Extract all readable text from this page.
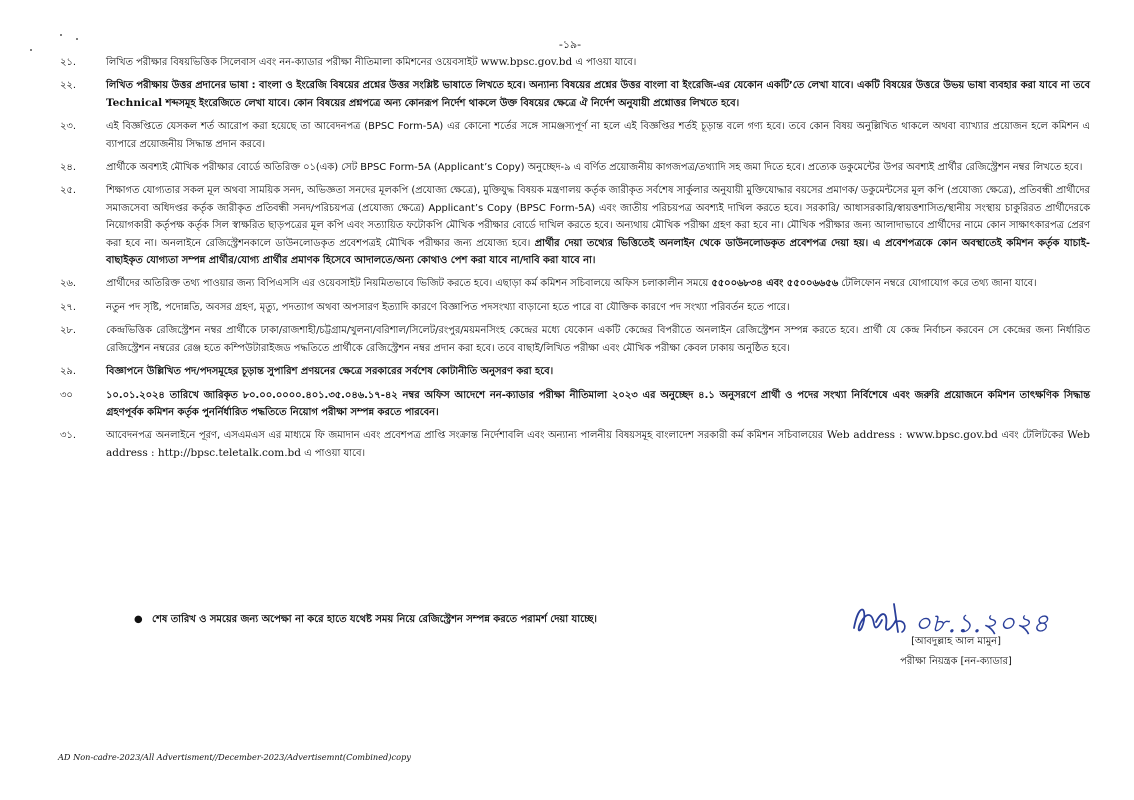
-১৯-
২১.	লিখিত পরীক্ষার বিষয়ভিত্তিক সিলেবাস এবং নন-ক্যাডার পরীক্ষা নীতিমালা কমিশনের ওয়েবসাইট www.bpsc.gov.bd এ পাওয়া যাবে।
২২.	লিখিত পরীক্ষায় উত্তর প্রদানের ভাষা : বাংলা ও ইংরেজি বিষয়ের প্রশ্নের উত্তর সংশ্লিষ্ট ভাষাতে লিখতে হবে। অন্যান্য বিষয়ের প্রশ্নের উত্তর বাংলা বা ইংরেজি-এর যেকোন একটি’তে লেখা যাবে। একটি বিষয়ের উত্তরে উভয় ভাষা ব্যবহার করা যাবে না তবে Technical শব্দসমূহ ইংরেজিতে লেখা যাবে। কোন বিষয়ের প্রশ্নপত্রে অন্য কোনরূপ নির্দেশ থাকলে উক্ত বিষয়ের ক্ষেত্রে ঐ নির্দেশ অনুযায়ী প্রশ্নোত্তর লিখতে হবে।
২৩.	এই বিজ্ঞপ্তিতে যেসকল শর্ত আরোপ করা হয়েছে তা আবেদনপত্র (BPSC Form-5A) এর কোনো শর্তের সঙ্গে সামঞ্জস্যপূর্ণ না হলে এই বিজ্ঞপ্তির শর্তই চূড়ান্ত বলে গণ্য হবে। তবে কোন বিষয় অনুল্লিখিত থাকলে অথবা ব্যাখ্যার প্রয়োজন হলে কমিশন এ ব্যাপারে প্রয়োজনীয় সিদ্ধান্ত প্রদান করবে।
২৪.	প্রার্থীকে অবশ্যই মৌখিক পরীক্ষার বোর্ডে অতিরিক্ত ০১(এক) সেট BPSC Form-5A (Applicant’s Copy) অনুচ্ছেদ-৯ এ বর্ণিত প্রয়োজনীয় কাগজপত্র/তথ্যাদি সহ জমা দিতে হবে। প্রত্যেক ডকুমেন্টের উপর অবশ্যই প্রার্থীর রেজিস্ট্রেশন নম্বর লিখতে হবে।
২৫.	শিক্ষাগত যোগ্যতার সকল মূল অথবা সাময়িক সনদ, অভিজ্ঞতা সনদের মূলকপি (প্রযোজ্য ক্ষেত্রে), মুক্তিযুদ্ধ বিষয়ক মন্ত্রণালয় কর্তৃক জারীকৃত সর্বশেষ সার্কুলার অনুযায়ী মুক্তিযোদ্ধার বয়সের প্রমাণক/ ডকুমেন্টসের মূল কপি (প্রযোজ্য ক্ষেত্রে), প্রতিবন্ধী প্রার্থীদের সমাজসেবা অধিদপ্তর কর্তৃক জারীকৃত প্রতিবন্ধী সনদ/পরিচয়পত্র (প্রযোজ্য ক্ষেত্রে) Applicant’s Copy (BPSC Form-5A) এবং জাতীয় পরিচয়পত্র অবশ্যই দাখিল করতে হবে। সরকারি/ আধাসরকারি/স্বায়ত্তশাসিত/স্থানীয় সংস্থায় চাকুরিরত প্রার্থীদেরকে নিয়োগকারী কর্তৃপক্ষ কর্তৃক সিল স্বাক্ষরিত ছাড়পত্রের মূল কপি এবং সত্যায়িত ফটোকপি মৌখিক পরীক্ষার বোর্ডে দাখিল করতে হবে। অন্যথায় মৌখিক পরীক্ষা গ্রহণ করা হবে না। মৌখিক পরীক্ষার জন্য আলাদাভাবে প্রার্থীদের নামে কোন সাক্ষাৎকারপত্র প্রেরণ করা হবে না। অনলাইনে রেজিস্ট্রেশনকালে ডাউনলোডকৃত প্রবেশপত্রই মৌখিক পরীক্ষার জন্য প্রযোজ্য হবে। প্রার্থীর দেয়া তথ্যের ভিত্তিতেই অনলাইন থেকে ডাউনলোডকৃত প্রবেশপত্র দেয়া হয়। এ প্রবেশপত্রকে কোন অবস্থাতেই কমিশন কর্তৃক যাচাই-বাছাইকৃত যোগ্যতা সম্পন্ন প্রার্থীর/যোগ্য প্রার্থীর প্রমাণক হিসেবে আদালতে/অন্য কোথাও পেশ করা যাবে না/দাবি করা যাবে না।
২৬.	প্রার্থীদের অতিরিক্ত তথ্য পাওয়ার জন্য বিপিএসসি এর ওয়েবসাইট নিয়মিতভাবে ভিজিট করতে হবে। এছাড়া কর্ম কমিশন সচিবালয়ে অফিস চলাকালীন সময়ে ৫৫০০৬৮৩৪ এবং ৫৫০০৬৬৫৬ টেলিফোন নম্বরে যোগাযোগ করে তথ্য জানা যাবে।
২৭.	নতুন পদ সৃষ্টি, পদোন্নতি, অবসর গ্রহণ, মৃত্যু, পদত্যাগ অথবা অপসারণ ইত্যাদি কারণে বিজ্ঞাপিত পদসংখ্যা বাড়ানো হতে পারে বা যৌক্তিক কারণে পদ সংখ্যা পরিবর্তন হতে পারে।
২৮.	কেন্দ্রভিত্তিক রেজিস্ট্রেশন নম্বর প্রার্থীকে ঢাকা/রাজশাহী/চট্টগ্রাম/খুলনা/বরিশাল/সিলেট/রংপুর/ময়মনসিংহ কেন্দ্রের মধ্যে যেকোন একটি কেন্দ্রের বিপরীতে অনলাইন রেজিস্ট্রেশন সম্পন্ন করতে হবে। প্রার্থী যে কেন্দ্র নির্বাচন করবেন সে কেন্দ্রের জন্য নির্ধারিত রেজিস্ট্রেশন নম্বরের রেঞ্জ হতে কম্পিউটারাইজড পদ্ধতিতে প্রার্থীকে রেজিস্ট্রেশন নম্বর প্রদান করা হবে। তবে বাছাই/লিখিত পরীক্ষা এবং মৌখিক পরীক্ষা কেবল ঢাকায় অনুষ্ঠিত হবে।
২৯.	বিজ্ঞাপনে উল্লিখিত পদ/পদসমূহের চূড়ান্ত সুপারিশ প্রণয়নের ক্ষেত্রে সরকারের সর্বশেষ কোটানীতি অনুসরণ করা হবে।
৩০	১০.০১.২০২৪ তারিখে জারিকৃত ৮০.০০.০০০০.৪০১.৩৫.০৪৬.১৭-৪২ নম্বর অফিস আদেশে নন-ক্যাডার পরীক্ষা নীতিমালা ২০২৩ এর অনুচ্ছেদ ৪.১ অনুসরণে প্রার্থী ও পদের সংখ্যা নির্বিশেষে এবং জরুরি প্রয়োজনে কমিশন তাৎক্ষণিক সিদ্ধান্ত গ্রহণপূর্বক কমিশন কর্তৃক পুনর্নির্ধারিত পদ্ধতিতে নিয়োগ পরীক্ষা সম্পন্ন করতে পারবেন।
৩১.	আবেদনপত্র অনলাইনে পূরণ, এসএমএস এর মাধ্যমে ফি জমাদান এবং প্রবেশপত্র প্রাপ্তি সংক্রান্ত নির্দেশাবলি এবং অন্যান্য পালনীয় বিষয়সমূহ বাংলাদেশ সরকারী কর্ম কমিশন সচিবালয়ের Web address : www.bpsc.gov.bd এবং টেলিটকের Web address : http://bpsc.teletalk.com.bd এ পাওয়া যাবে।
● শেষ তারিখ ও সময়ের জন্য অপেক্ষা না করে হাতে যথেষ্ট সময় নিয়ে রেজিস্ট্রেশন সম্পন্ন করতে পরামর্শ দেয়া যাচ্ছে।	০৮.১.২০২৪
[আবদুল্লাহ আল মামুন]
পরীক্ষা নিয়ন্ত্রক [নন-ক্যাডার]
AD Non-cadre-2023/All Advertisment//December-2023/Advertisemnt(Combined)copy
